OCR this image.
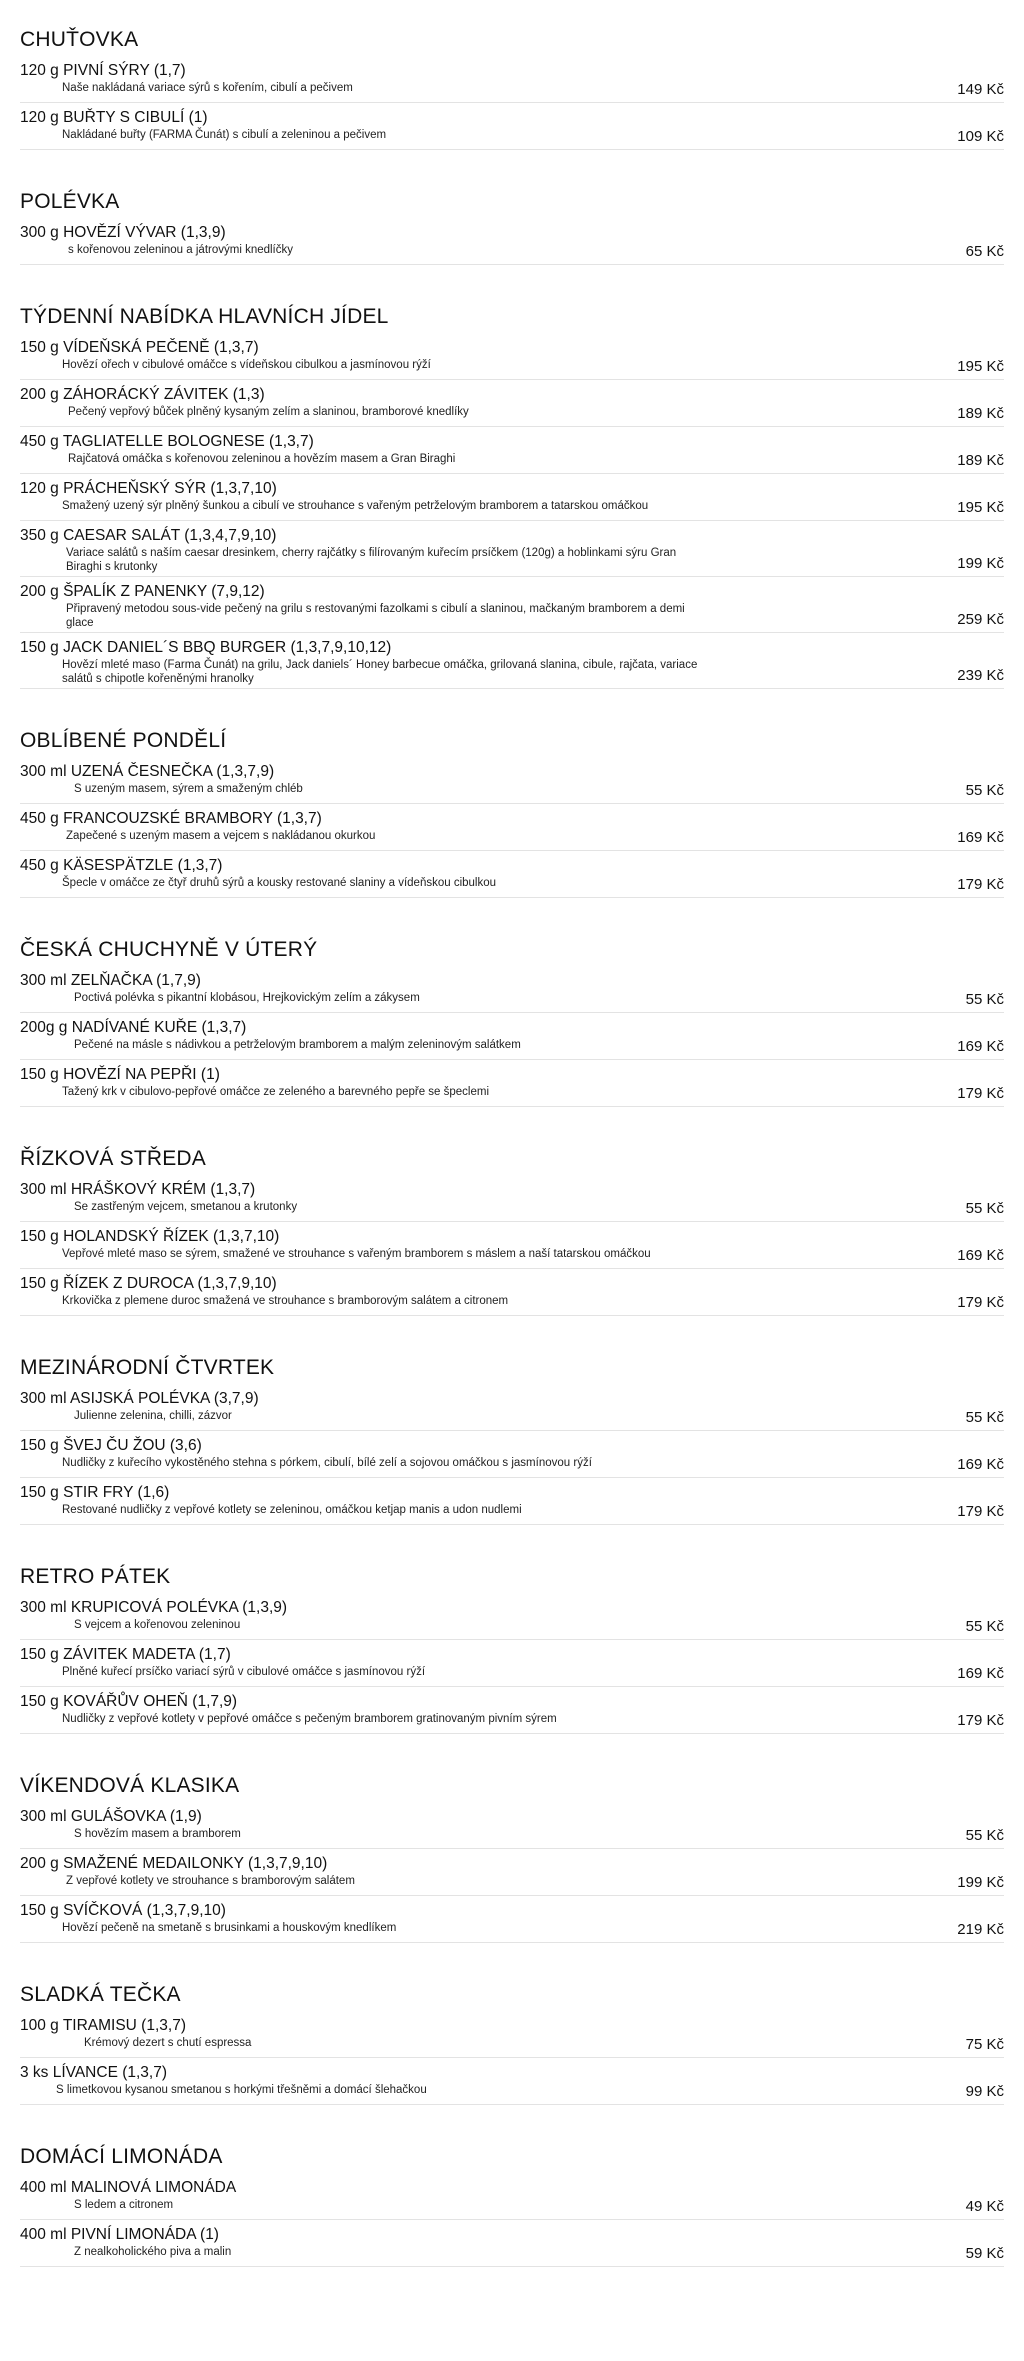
CHUŤOVKA
120 g PIVNÍ SÝRY (1,7)
Naše nakládaná variace sýrů s kořením, cibulí a pečivem	149 Kč
120 g BUŘTY S CIBULÍ (1)
Nakládané buřty (FARMA Čunát) s cibulí a zeleninou a pečivem	109 Kč
POLÉVKA
300 g HOVĚZÍ VÝVAR (1,3,9)
s kořenovou zeleninou a játrovými knedlíčky	65 Kč
TÝDENNÍ NABÍDKA HLAVNÍCH JÍDEL
150 g VÍDEŇSKÁ PEČENĚ (1,3,7)
Hovězí ořech v cibulové omáčce s vídeňskou cibulkou a jasmínovou rýží	195 Kč
200 g ZÁHORÁCKÝ ZÁVITEK (1,3)
Pečený vepřový bůček plněný kysaným zelím a slaninou, bramborové knedlíky	189 Kč
450 g TAGLIATELLE BOLOGNESE (1,3,7)
Rajčatová omáčka s kořenovou zeleninou a hovězím masem a Gran Biraghi	189 Kč
120 g PRÁCHEŇSKÝ SÝR (1,3,7,10)
Smažený uzený sýr plněný šunkou a cibulí ve strouhance s vařeným petrželovým bramborem a tatarskou omáčkou	195 Kč
350 g CAESAR SALÁT (1,3,4,7,9,10)
Variace salátů s naším caesar dresinkem, cherry rajčátky s filírovaným kuřecím prsíčkem (120g) a hoblinkami sýru Gran Biraghi s krutonky	199 Kč
200 g ŠPALÍK Z PANENKY (7,9,12)
Připravený metodou sous-vide pečený na grilu s restovanými fazolkami s cibulí a slaninou, mačkaným bramborem a demi glace	259 Kč
150 g JACK DANIEL´S BBQ BURGER (1,3,7,9,10,12)
Hovězí mleté maso (Farma Čunát) na grilu, Jack daniels´ Honey barbecue omáčka, grilovaná slanina, cibule, rajčata, variace salátů s chipotle kořeněnými hranolky	239 Kč
OBLÍBENÉ PONDĚLÍ
300 ml UZENÁ ČESNEČKA (1,3,7,9)
S uzeným masem, sýrem a smaženým chléb	55 Kč
450 g FRANCOUZSKÉ BRAMBORY (1,3,7)
Zapečené s uzeným masem a vejcem s nakládanou okurkou	169 Kč
450 g KÄSESPÄTZLE (1,3,7)
Špecle v omáčce ze čtyř druhů sýrů a kousky restované slaniny a vídeňskou cibulkou	179 Kč
ČESKÁ CHUCHYNĚ V ÚTERÝ
300 ml ZELŇAČKA (1,7,9)
Poctivá polévka s pikantní klobásou, Hrejkovickým zelím a zákysem	55 Kč
200g g NADÍVANÉ KUŘE (1,3,7)
Pečené na másle s nádivkou a petrželovým bramborem a malým zeleninovým salátkem	169 Kč
150 g HOVĚZÍ NA PEPŘI (1)
Tažený krk v cibulovo-pepřové omáčce ze zeleného a barevného pepře se špeclemi	179 Kč
ŘÍZKOVÁ STŘEDA
300 ml HRÁŠKOVÝ KRÉM (1,3,7)
Se zastřeným vejcem, smetanou a krutonky	55 Kč
150 g HOLANDSKÝ ŘÍZEK (1,3,7,10)
Vepřové mleté maso se sýrem, smažené ve strouhance s vařeným bramborem s máslem a naší tatarskou omáčkou	169 Kč
150 g ŘÍZEK Z DUROCA (1,3,7,9,10)
Krkovička z plemene duroc smažená ve strouhance s bramborovým salátem a citronem	179 Kč
MEZINÁRODNÍ ČTVRTEK
300 ml ASIJSKÁ POLÉVKA (3,7,9)
Julienne zelenina, chilli, zázvor	55 Kč
150 g ŠVEJ ČU ŽOU (3,6)
Nudličky z kuřecího vykostěného stehna s pórkem, cibulí, bílé zelí a sojovou omáčkou s jasmínovou rýží	169 Kč
150 g STIR FRY (1,6)
Restované nudličky z vepřové kotlety se zeleninou, omáčkou ketjap manis a udon nudlemi	179 Kč
RETRO PÁTEK
300 ml KRUPICOVÁ POLÉVKA (1,3,9)
S vejcem a kořenovou zeleninou	55 Kč
150 g ZÁVITEK MADETA (1,7)
Plněné kuřecí prsíčko variací sýrů v cibulové omáčce s jasmínovou rýží	169 Kč
150 g KOVÁŘŮV OHEŇ (1,7,9)
Nudličky z vepřové kotlety v pepřové omáčce s pečeným bramborem gratinovaným pivním sýrem	179 Kč
VÍKENDOVÁ KLASIKA
300 ml GULÁŠOVKA (1,9)
S hovězím masem a bramborem	55 Kč
200 g SMAŽENÉ MEDAILONKY (1,3,7,9,10)
Z vepřové kotlety ve strouhance s bramborovým salátem	199 Kč
150 g SVÍČKOVÁ (1,3,7,9,10)
Hovězí pečeně na smetaně s brusinkami a houskovým knedlíkem	219 Kč
SLADKÁ TEČKA
100 g TIRAMISU (1,3,7)
Krémový dezert s chutí espressa	75 Kč
3 ks LÍVANCE (1,3,7)
S limetkovou kysanou smetanou s horkými třešněmi a domácí šlehačkou	99 Kč
DOMÁCÍ LIMONÁDA
400 ml MALINOVÁ LIMONÁDA
S ledem a citronem	49 Kč
400 ml PIVNÍ LIMONÁDA (1)
Z nealkoholického piva a malin	59 Kč
